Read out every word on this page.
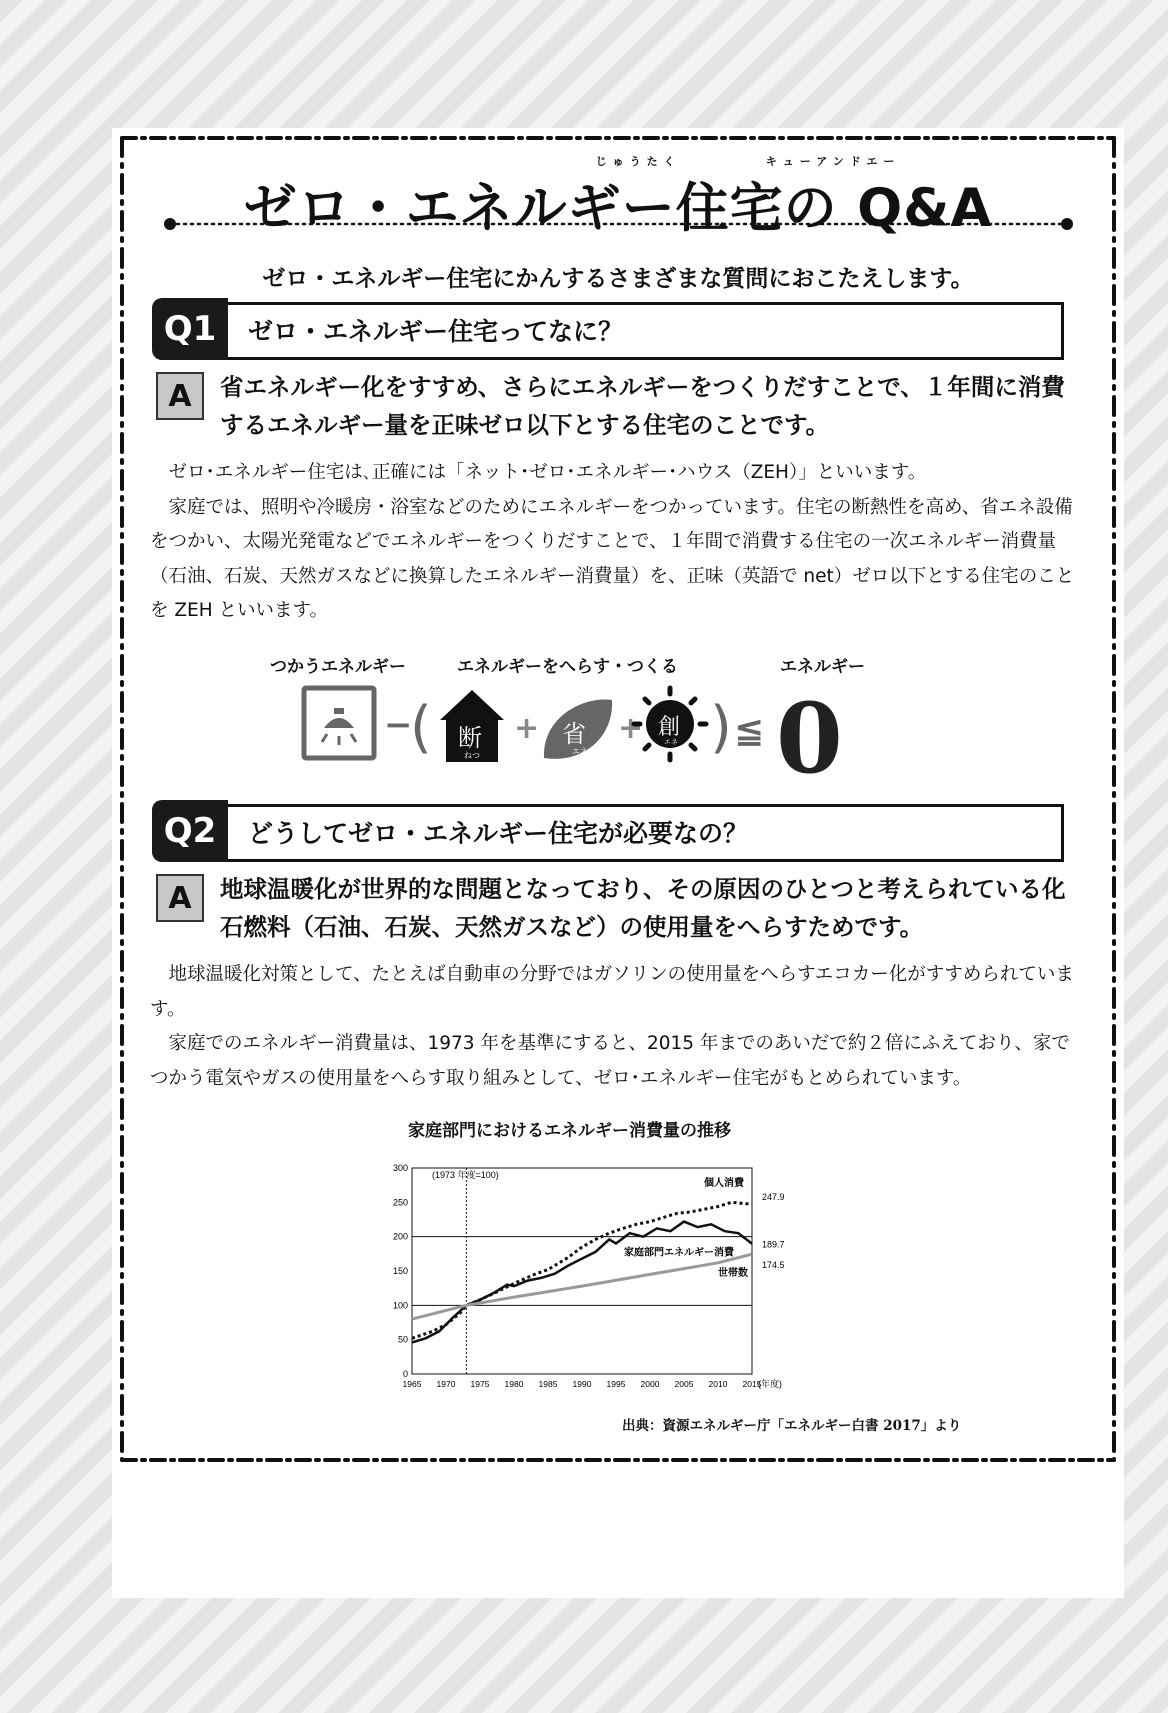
じゅうたく	キューアンドエー
ゼロ・エネルギー住宅の Q&A
ゼロ・エネルギー住宅にかんするさまざまな質問におこたえします。
Q1	ゼロ・エネルギー住宅ってなに？
A	省エネルギー化をすすめ、さらにエネルギーをつくりだすことで、１年間に消費するエネルギー量を正味ゼロ以下とする住宅のことです。

ゼロ･エネルギー住宅は､正確には「ネット･ゼロ･エネルギー･ハウス（ZEH）」といいます。

家庭では、照明や冷暖房・浴室などのためにエネルギーをつかっています。住宅の断熱性を高め、省エネ設備をつかい、太陽光発電などでエネルギーをつくりだすことで、１年間で消費する住宅の一次エネルギー消費量（石油、石炭、天然ガスなどに換算したエネルギー消費量）を、正味（英語で net）ゼロ以下とする住宅のことを ZEH といいます。

つかうエネルギー	エネルギーをへらす・つくる	エネルギー
−
( 断
ねつ
+ 省
エネ
+ 創
エネ ) ≦ 0
Q2	どうしてゼロ・エネルギー住宅が必要なの？
A	地球温暖化が世界的な問題となっており、その原因のひとつと考えられている化石燃料（石油、石炭、天然ガスなど）の使用量をへらすためです。

地球温暖化対策として、たとえば自動車の分野ではガソリンの使用量をへらすエコカー化がすすめられています。

家庭でのエネルギー消費量は、1973 年を基準にすると、2015 年までのあいだで約２倍にふえており、家でつかう電気やガスの使用量をへらす取り組みとして、ゼロ･エネルギー住宅がもとめられています。

家庭部門におけるエネルギー消費量の推移
0
50
100
150
200
250
300
1965 1970 1975 1980 1985 1990 1995 2000 2005 2010 2015
(年度)
(1973 年度=100)
247.9
個人消費
189.7
家庭部門エネルギー消費
174.5
世帯数
出典：資源エネルギー庁「エネルギー白書 2017」より
